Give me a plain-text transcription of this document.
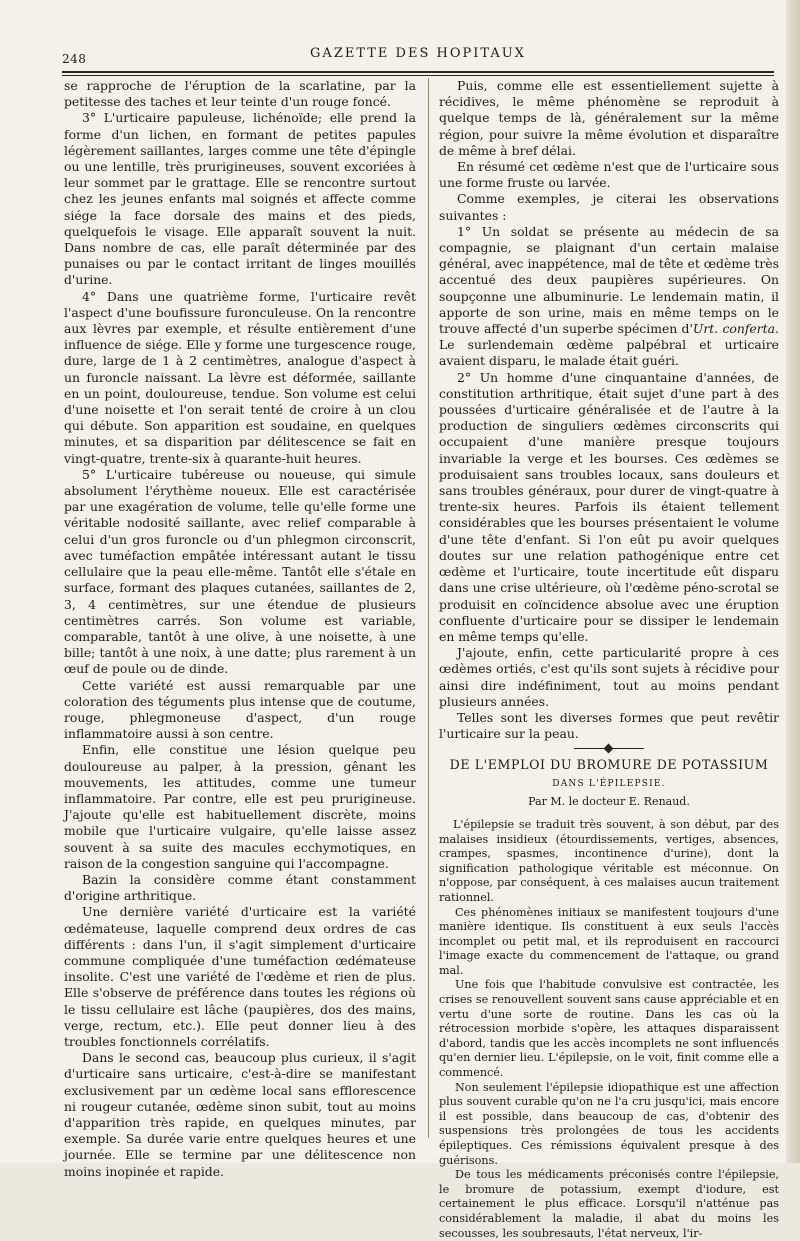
248	GAZETTE DES HOPITAUX

se rapproche de l'éruption de la scarlatine, par la petitesse des taches et leur teinte d'un rouge foncé.

3° L'urticaire papuleuse, lichénoïde; elle prend la forme d'un lichen, en formant de petites papules légèrement saillantes, larges comme une tête d'épingle ou une lentille, très prurigineuses, souvent excoriées à leur sommet par le grattage. Elle se rencontre surtout chez les jeunes enfants mal soignés et affecte comme siége la face dorsale des mains et des pieds, quelquefois le visage. Elle apparaît souvent la nuit. Dans nombre de cas, elle paraît déterminée par des punaises ou par le contact irritant de linges mouillés d'urine.

4° Dans une quatrième forme, l'urticaire revêt l'aspect d'une boufissure furonculeuse. On la rencontre aux lèvres par exemple, et résulte entièrement d'une influence de siége. Elle y forme une turgescence rouge, dure, large de 1 à 2 centimètres, analogue d'aspect à un furoncle naissant. La lèvre est déformée, saillante en un point, douloureuse, tendue. Son volume est celui d'une noisette et l'on serait tenté de croire à un clou qui débute. Son apparition est soudaine, en quelques minutes, et sa disparition par délitescence se fait en vingt-quatre, trente-six à quarante-huit heures.

5° L'urticaire tubéreuse ou noueuse, qui simule absolument l'érythème noueux. Elle est caractérisée par une exagération de volume, telle qu'elle forme une véritable nodosité saillante, avec relief comparable à celui d'un gros furoncle ou d'un phlegmon circonscrit, avec tuméfaction empâtée intéressant autant le tissu cellulaire que la peau elle-même. Tantôt elle s'étale en surface, formant des plaques cutanées, saillantes de 2, 3, 4 centimètres, sur une étendue de plusieurs centimètres carrés. Son volume est variable, comparable, tantôt à une olive, à une noisette, à une bille; tantôt à une noix, à une datte; plus rarement à un œuf de poule ou de dinde.

Cette variété est aussi remarquable par une coloration des téguments plus intense que de coutume, rouge, phlegmoneuse d'aspect, d'un rouge inflammatoire aussi à son centre.

Enfin, elle constitue une lésion quelque peu douloureuse au palper, à la pression, gênant les mouvements, les attitudes, comme une tumeur inflammatoire. Par contre, elle est peu prurigineuse. J'ajoute qu'elle est habituellement discrète, moins mobile que l'urticaire vulgaire, qu'elle laisse assez souvent à sa suite des macules ecchymotiques, en raison de la congestion sanguine qui l'accompagne.

Bazin la considère comme étant constamment d'origine arthritique.

Une dernière variété d'urticaire est la variété œdémateuse, laquelle comprend deux ordres de cas différents : dans l'un, il s'agit simplement d'urticaire commune compliquée d'une tuméfaction œdémateuse insolite. C'est une variété de l'œdème et rien de plus. Elle s'observe de préférence dans toutes les régions où le tissu cellulaire est lâche (paupières, dos des mains, verge, rectum, etc.). Elle peut donner lieu à des troubles fonctionnels corrélatifs.

Dans le second cas, beaucoup plus curieux, il s'agit d'urticaire sans urticaire, c'est-à-dire se manifestant exclusivement par un œdème local sans efflorescence ni rougeur cutanée, œdème sinon subit, tout au moins d'apparition très rapide, en quelques minutes, par exemple. Sa durée varie entre quelques heures et une journée. Elle se termine par une délitescence non moins inopinée et rapide.

Puis, comme elle est essentiellement sujette à récidives, le même phénomène se reproduit à quelque temps de là, généralement sur la même région, pour suivre la même évolution et disparaître de même à bref délai.

En résumé cet œdème n'est que de l'urticaire sous une forme fruste ou larvée.

Comme exemples, je citerai les observations suivantes :

1° Un soldat se présente au médecin de sa compagnie, se plaignant d'un certain malaise général, avec inappétence, mal de tête et œdème très accentué des deux paupières supérieures. On soupçonne une albuminurie. Le lendemain matin, il apporte de son urine, mais en même temps on le trouve affecté d'un superbe spécimen d'Urt. conferta. Le surlendemain œdème palpébral et urticaire avaient disparu, le malade était guéri.

2° Un homme d'une cinquantaine d'années, de constitution arthritique, était sujet d'une part à des poussées d'urticaire généralisée et de l'autre à la production de singuliers œdèmes circonscrits qui occupaient d'une manière presque toujours invariable la verge et les bourses. Ces œdèmes se produisaient sans troubles locaux, sans douleurs et sans troubles généraux, pour durer de vingt-quatre à trente-six heures. Parfois ils étaient tellement considérables que les bourses présentaient le volume d'une tête d'enfant. Si l'on eût pu avoir quelques doutes sur une relation pathogénique entre cet œdème et l'urticaire, toute incertitude eût disparu dans une crise ultérieure, où l'œdème péno-scrotal se produisit en coïncidence absolue avec une éruption confluente d'urticaire pour se dissiper le lendemain en même temps qu'elle.

J'ajoute, enfin, cette particularité propre à ces œdèmes ortiés, c'est qu'ils sont sujets à récidive pour ainsi dire indéfiniment, tout au moins pendant plusieurs années.

Telles sont les diverses formes que peut revêtir l'urticaire sur la peau.

DE L'EMPLOI DU BROMURE DE POTASSIUM
DANS L'ÉPILEPSIE.
Par M. le docteur E. Renaud.

L'épilepsie se traduit très souvent, à son début, par des malaises insidieux (étourdissements, vertiges, absences, crampes, spasmes, incontinence d'urine), dont la signification pathologique véritable est méconnue. On n'oppose, par conséquent, à ces malaises aucun traitement rationnel.

Ces phénomènes initiaux se manifestent toujours d'une manière identique. Ils constituent à eux seuls l'accès incomplet ou petit mal, et ils reproduisent en raccourci l'image exacte du commencement de l'attaque, ou grand mal.

Une fois que l'habitude convulsive est contractée, les crises se renouvellent souvent sans cause appréciable et en vertu d'une sorte de routine. Dans les cas où la rétrocession morbide s'opère, les attaques disparaissent d'abord, tandis que les accès incomplets ne sont influencés qu'en dernier lieu. L'épilepsie, on le voit, finit comme elle a commencé.

Non seulement l'épilepsie idiopathique est une affection plus souvent curable qu'on ne l'a cru jusqu'ici, mais encore il est possible, dans beaucoup de cas, d'obtenir des suspensions très prolongées de tous les accidents épileptiques. Ces rémissions équivalent presque à des guérisons.

De tous les médicaments préconisés contre l'épilepsie, le bromure de potassium, exempt d'iodure, est certainement le plus efficace. Lorsqu'il n'atténue pas considérablement la maladie, il abat du moins les secousses, les soubresauts, l'état nerveux, l'ir-
